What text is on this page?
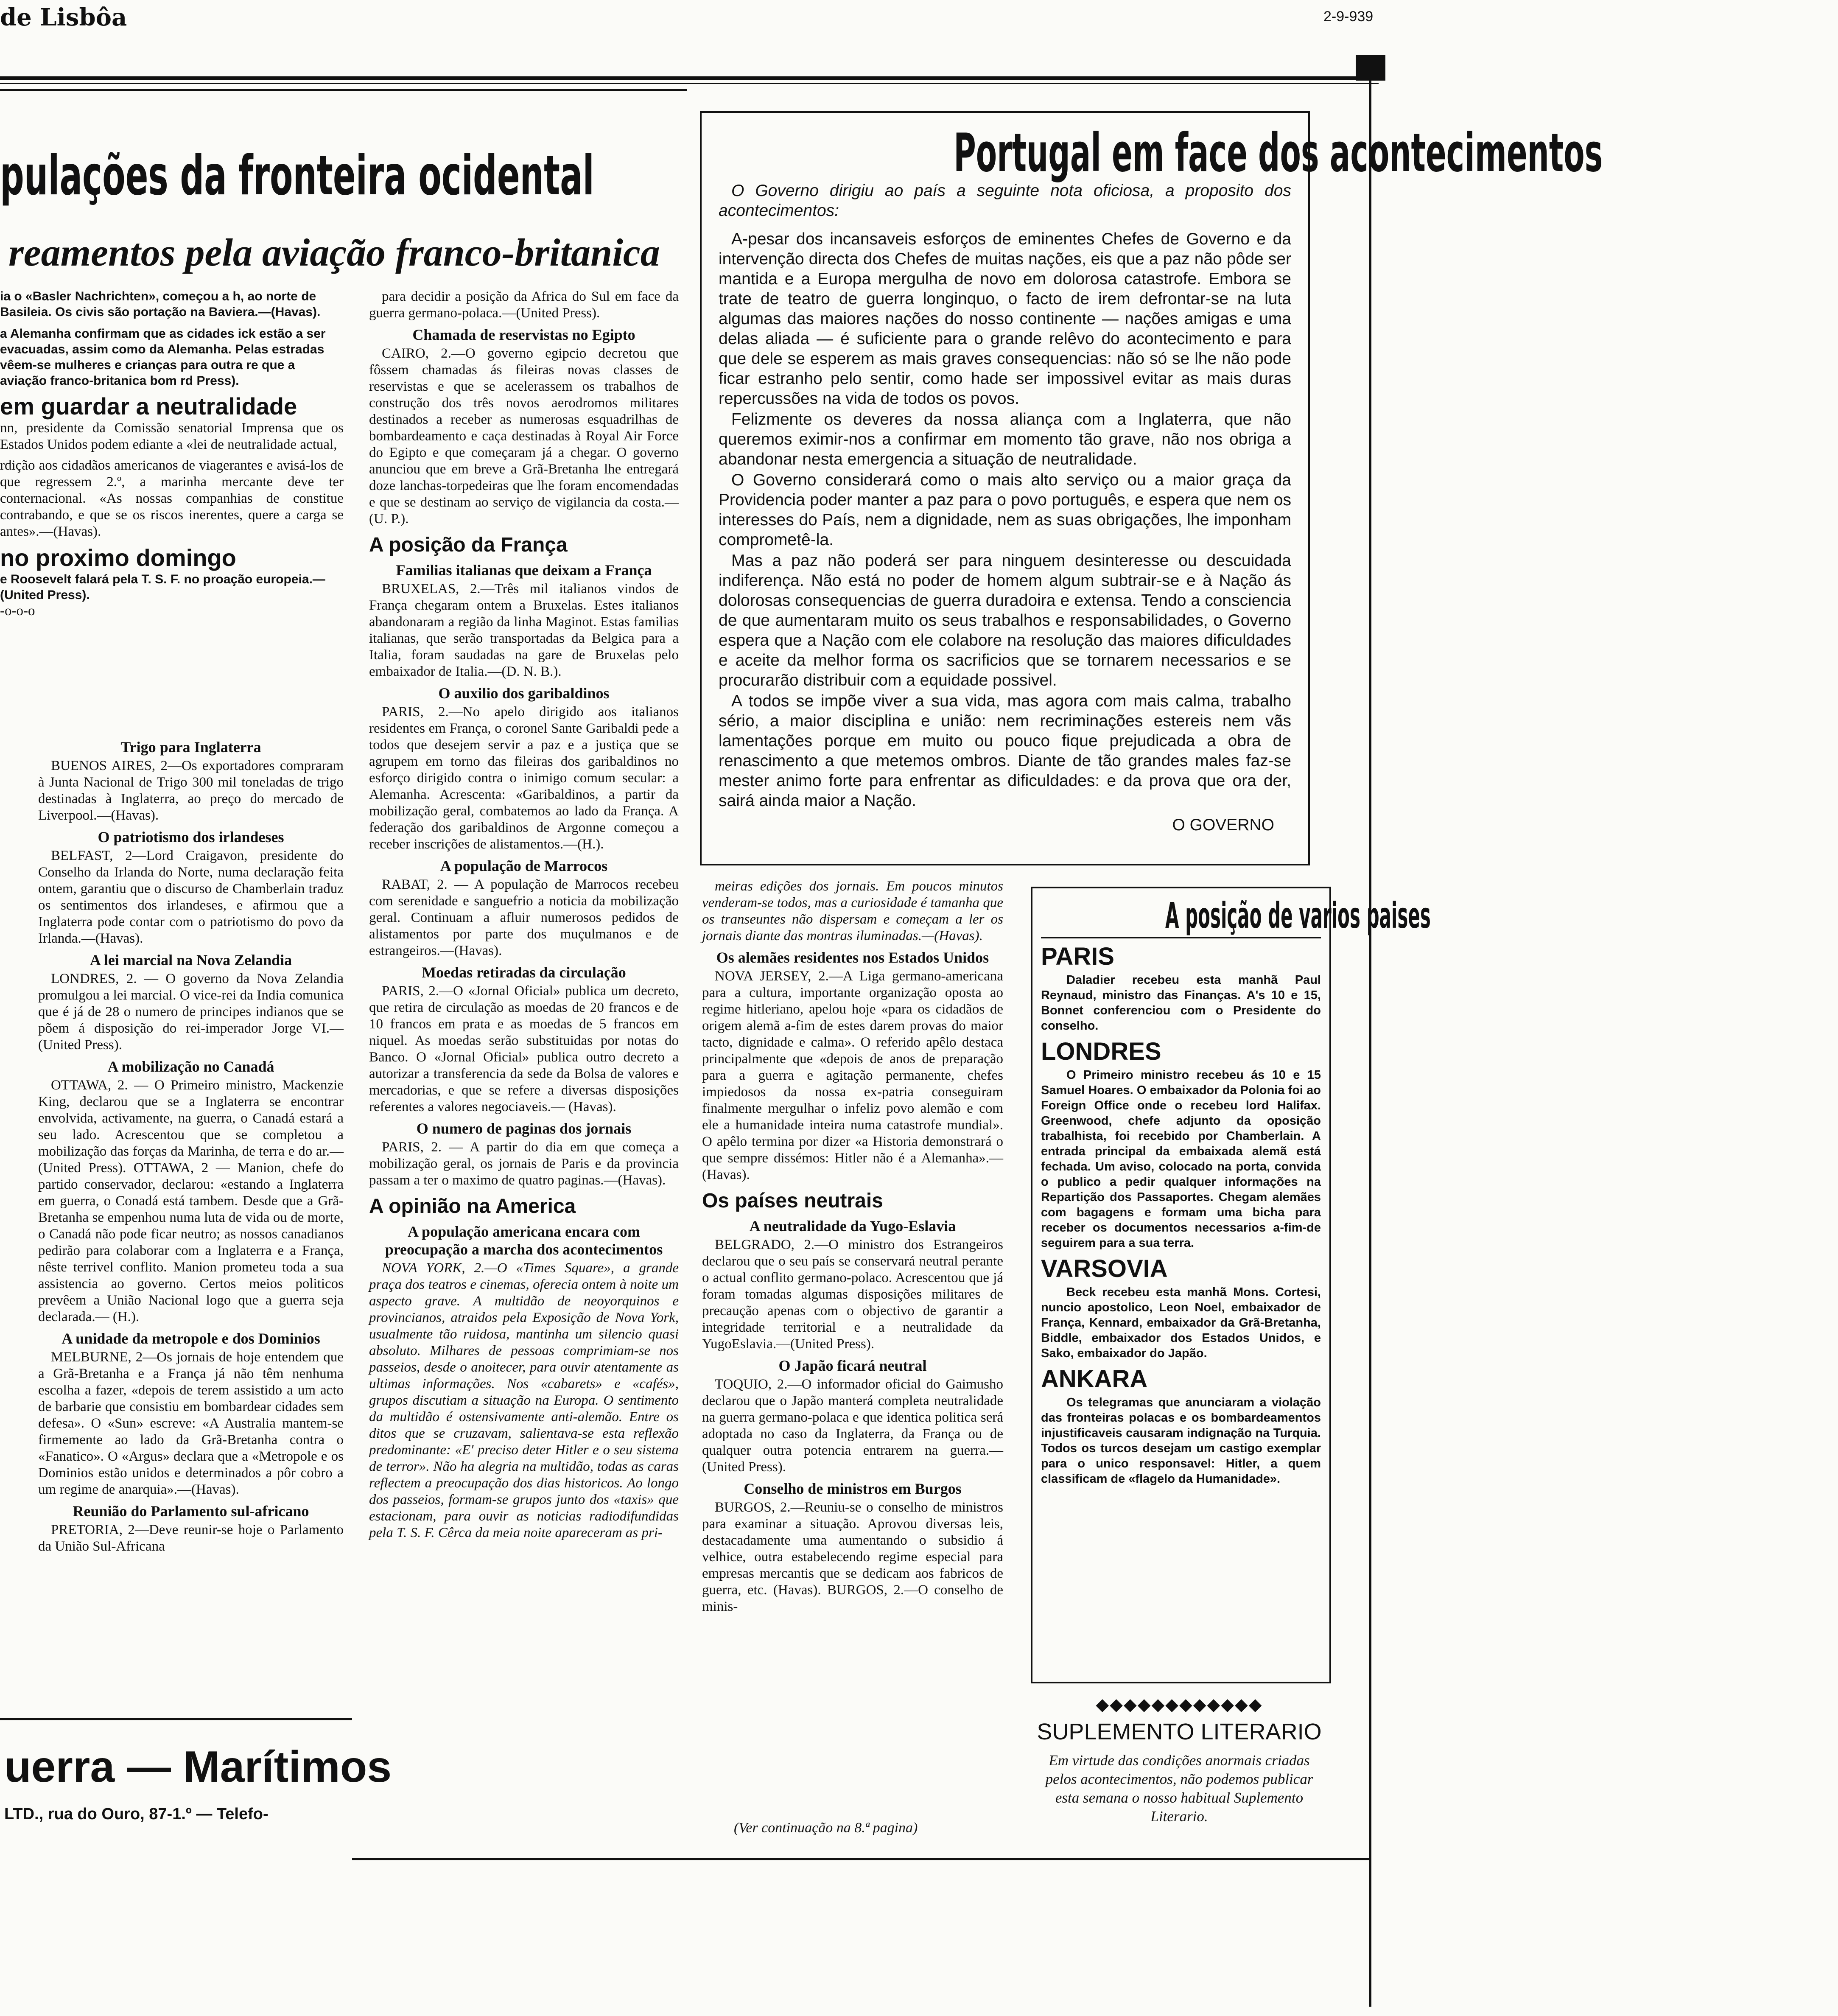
de Lisbôa	2-9-939
pulações da fronteira ocidental
reamentos pela aviação franco-britanica
ia o «Basler Nachrichten», começou a h, ao norte de Basileia. Os civis são portação na Baviera.—(Havas).
a Alemanha confirmam que as cidades ick estão a ser evacuadas, assim como da Alemanha. Pelas estradas vêem-se mulheres e crianças para outra re que a aviação franco-britanica bom rd Press).
em guardar a neutralidade
nn, presidente da Comissão senatorial Imprensa que os Estados Unidos podem ediante a «lei de neutralidade actual,
rdição aos cidadãos americanos de viagerantes e avisá-los de que regressem 2.º, a marinha mercante deve ter conternacional. «As nossas companhias de constitue contrabando, e que se os riscos inerentes, quere a carga se antes».—(Havas).
no proximo domingo
e Roosevelt falará pela T. S. F. no proação europeia.—(United Press).
-o-o-o
Trigo para Inglaterra

BUENOS AIRES, 2—Os exportadores compraram à Junta Nacional de Trigo 300 mil toneladas de trigo destinadas à Inglaterra, ao preço do mercado de Liverpool.—(Havas).

O patriotismo dos irlandeses

BELFAST, 2—Lord Craigavon, presidente do Conselho da Irlanda do Norte, numa declaração feita ontem, garantiu que o discurso de Chamberlain traduz os sentimentos dos irlandeses, e afirmou que a Inglaterra pode contar com o patriotismo do povo da Irlanda.—(Havas).

A lei marcial na Nova Zelandia

LONDRES, 2. — O governo da Nova Zelandia promulgou a lei marcial. O vice-rei da India comunica que é já de 28 o numero de principes indianos que se põem á disposição do rei-imperador Jorge VI.— (United Press).

A mobilização no Canadá

OTTAWA, 2. — O Primeiro ministro, Mackenzie King, declarou que se a Inglaterra se encontrar envolvida, activamente, na guerra, o Canadá estará a seu lado. Acrescentou que se completou a mobilização das forças da Marinha, de terra e do ar.— (United Press). OTTAWA, 2 — Manion, chefe do partido conservador, declarou: «estando a Inglaterra em guerra, o Conadá está tambem. Desde que a Grã-Bretanha se empenhou numa luta de vida ou de morte, o Canadá não pode ficar neutro; as nossos canadianos pedirão para colaborar com a Inglaterra e a França, nêste terrivel conflito. Manion prometeu toda a sua assistencia ao governo. Certos meios politicos prevêem a União Nacional logo que a guerra seja declarada.— (H.).

A unidade da metropole e dos Dominios

MELBURNE, 2—Os jornais de hoje entendem que a Grã-Bretanha e a França já não têm nenhuma escolha a fazer, «depois de terem assistido a um acto de barbarie que consistiu em bombardear cidades sem defesa». O «Sun» escreve: «A Australia mantem-se firmemente ao lado da Grã-Bretanha contra o «Fanatico». O «Argus» declara que a «Metropole e os Dominios estão unidos e determinados a pôr cobro a um regime de anarquia».—(Havas).

Reunião do Parlamento sul-africano

PRETORIA, 2—Deve reunir-se hoje o Parlamento da União Sul-Africana

para decidir a posição da Africa do Sul em face da guerra germano-polaca.—(United Press).

Chamada de reservistas no Egipto

CAIRO, 2.—O governo egipcio decretou que fôssem chamadas ás fileiras novas classes de reservistas e que se acelerassem os trabalhos de construção dos três novos aerodromos militares destinados a receber as numerosas esquadrilhas de bombardeamento e caça destinadas à Royal Air Force do Egipto e que começaram já a chegar. O governo anunciou que em breve a Grã-Bretanha lhe entregará doze lanchas-torpedeiras que lhe foram encomendadas e que se destinam ao serviço de vigilancia da costa.—(U. P.).

A posição da França
Familias italianas que deixam a França

BRUXELAS, 2.—Três mil italianos vindos de França chegaram ontem a Bruxelas. Estes italianos abandonaram a região da linha Maginot. Estas familias italianas, que serão transportadas da Belgica para a Italia, foram saudadas na gare de Bruxelas pelo embaixador de Italia.—(D. N. B.).

O auxilio dos garibaldinos

PARIS, 2.—No apelo dirigido aos italianos residentes em França, o coronel Sante Garibaldi pede a todos que desejem servir a paz e a justiça que se agrupem em torno das fileiras dos garibaldinos no esforço dirigido contra o inimigo comum secular: a Alemanha. Acrescenta: «Garibaldinos, a partir da mobilização geral, combatemos ao lado da França. A federação dos garibaldinos de Argonne começou a receber inscrições de alistamentos.—(H.).

A população de Marrocos

RABAT, 2. — A população de Marrocos recebeu com serenidade e sanguefrio a noticia da mobilização geral. Continuam a afluir numerosos pedidos de alistamentos por parte dos muçulmanos e de estrangeiros.—(Havas).

Moedas retiradas da circulação

PARIS, 2.—O «Jornal Oficial» publica um decreto, que retira de circulação as moedas de 20 francos e de 10 francos em prata e as moedas de 5 francos em niquel. As moedas serão substituidas por notas do Banco. O «Jornal Oficial» publica outro decreto a autorizar a transferencia da sede da Bolsa de valores e mercadorias, e que se refere a diversas disposições referentes a valores negociaveis.— (Havas).

O numero de paginas dos jornais

PARIS, 2. — A partir do dia em que começa a mobilização geral, os jornais de Paris e da provincia passam a ter o maximo de quatro paginas.—(Havas).

A opinião na America
A população americana encara com preocupação a marcha dos acontecimentos

NOVA YORK, 2.—O «Times Square», a grande praça dos teatros e cinemas, oferecia ontem à noite um aspecto grave. A multidão de neoyorquinos e provincianos, atraidos pela Exposição de Nova York, usualmente tão ruidosa, mantinha um silencio quasi absoluto. Milhares de pessoas comprimiam-se nos passeios, desde o anoitecer, para ouvir atentamente as ultimas informações. Nos «cabarets» e «cafés», grupos discutiam a situação na Europa. O sentimento da multidão é ostensivamente anti-alemão. Entre os ditos que se cruzavam, salientava-se esta reflexão predominante: «E' preciso deter Hitler e o seu sistema de terror». Não ha alegria na multidão, todas as caras reflectem a preocupação dos dias historicos. Ao longo dos passeios, formam-se grupos junto dos «taxis» que estacionam, para ouvir as noticias radiodifundidas pela T. S. F. Cêrca da meia noite apareceram as pri-

Portugal em face dos acontecimentos

O Governo dirigiu ao país a seguinte nota oficiosa, a proposito dos acontecimentos:

A-pesar dos incansaveis esforços de eminentes Chefes de Governo e da intervenção directa dos Chefes de muitas nações, eis que a paz não pôde ser mantida e a Europa mergulha de novo em dolorosa catastrofe. Embora se trate de teatro de guerra longinquo, o facto de irem defrontar-se na luta algumas das maiores nações do nosso continente — nações amigas e uma delas aliada — é suficiente para o grande relêvo do acontecimento e para que dele se esperem as mais graves consequencias: não só se lhe não pode ficar estranho pelo sentir, como hade ser impossivel evitar as mais duras repercussões na vida de todos os povos.

Felizmente os deveres da nossa aliança com a Inglaterra, que não queremos eximir-nos a confirmar em momento tão grave, não nos obriga a abandonar nesta emergencia a situação de neutralidade.

O Governo considerará como o mais alto serviço ou a maior graça da Providencia poder manter a paz para o povo português, e espera que nem os interesses do País, nem a dignidade, nem as suas obrigações, lhe imponham comprometê-la.

Mas a paz não poderá ser para ninguem desinteresse ou descuidada indiferença. Não está no poder de homem algum subtrair-se e à Nação ás dolorosas consequencias de guerra duradoira e extensa. Tendo a consciencia de que aumentaram muito os seus trabalhos e responsabilidades, o Governo espera que a Nação com ele colabore na resolução das maiores dificuldades e aceite da melhor forma os sacrificios que se tornarem necessarios e se procurarão distribuir com a equidade possivel.

A todos se impõe viver a sua vida, mas agora com mais calma, trabalho sério, a maior disciplina e união: nem recriminações estereis nem vãs lamentações porque em muito ou pouco fique prejudicada a obra de renascimento a que metemos ombros. Diante de tão grandes males faz-se mester animo forte para enfrentar as dificuldades: e da prova que ora der, sairá ainda maior a Nação.

O GOVERNO

meiras edições dos jornais. Em poucos minutos venderam-se todos, mas a curiosidade é tamanha que os transeuntes não dispersam e começam a ler os jornais diante das montras iluminadas.—(Havas).

Os alemães residentes nos Estados Unidos

NOVA JERSEY, 2.—A Liga germano-americana para a cultura, importante organização oposta ao regime hitleriano, apelou hoje «para os cidadãos de origem alemã a-fim de estes darem provas do maior tacto, dignidade e calma». O referido apêlo destaca principalmente que «depois de anos de preparação para a guerra e agitação permanente, chefes impiedosos da nossa ex-patria conseguiram finalmente mergulhar o infeliz povo alemão e com ele a humanidade inteira numa catastrofe mundial». O apêlo termina por dizer «a Historia demonstrará o que sempre dissémos: Hitler não é a Alemanha».—(Havas).

Os países neutrais
A neutralidade da Yugo-Eslavia

BELGRADO, 2.—O ministro dos Estrangeiros declarou que o seu país se conservará neutral perante o actual conflito germano-polaco. Acrescentou que já foram tomadas algumas disposições militares de precaução apenas com o objectivo de garantir a integridade territorial e a neutralidade da YugoEslavia.—(United Press).

O Japão ficará neutral

TOQUIO, 2.—O informador oficial do Gaimusho declarou que o Japão manterá completa neutralidade na guerra germano-polaca e que identica politica será adoptada no caso da Inglaterra, da França ou de qualquer outra potencia entrarem na guerra.—(United Press).

Conselho de ministros em Burgos

BURGOS, 2.—Reuniu-se o conselho de ministros para examinar a situação. Aprovou diversas leis, destacadamente uma aumentando o subsidio á velhice, outra estabelecendo regime especial para empresas mercantis que se dedicam aos fabricos de guerra, etc. (Havas). BURGOS, 2.—O conselho de minis-

(Ver continuação na 8.ª pagina)
A posição de varios paises
PARIS
Daladier recebeu esta manhã Paul Reynaud, ministro das Finanças. A's 10 e 15, Bonnet conferenciou com o Presidente do conselho.
LONDRES
O Primeiro ministro recebeu ás 10 e 15 Samuel Hoares. O embaixador da Polonia foi ao Foreign Office onde o recebeu lord Halifax. Greenwood, chefe adjunto da oposição trabalhista, foi recebido por Chamberlain. A entrada principal da embaixada alemã está fechada. Um aviso, colocado na porta, convida o publico a pedir qualquer informações na Repartição dos Passaportes. Chegam alemães com bagagens e formam uma bicha para receber os documentos necessarios a-fim-de seguirem para a sua terra.
VARSOVIA
Beck recebeu esta manhã Mons. Cortesi, nuncio apostolico, Leon Noel, embaixador de França, Kennard, embaixador da Grã-Bretanha, Biddle, embaixador dos Estados Unidos, e Sako, embaixador do Japão.
ANKARA
Os telegramas que anunciaram a violação das fronteiras polacas e os bombardeamentos injustificaveis causaram indignação na Turquia. Todos os turcos desejam um castigo exemplar para o unico responsavel: Hitler, a quem classificam de «flagelo da Humanidade».
◆◆◆◆◆◆◆◆◆◆◆◆
SUPLEMENTO LITERARIO
Em virtude das condições anormais criadas pelos acontecimentos, não podemos publicar esta semana o nosso habitual Suplemento Literario.
uerra — Marítimos
LTD., rua do Ouro, 87-1.º — Telefo-
